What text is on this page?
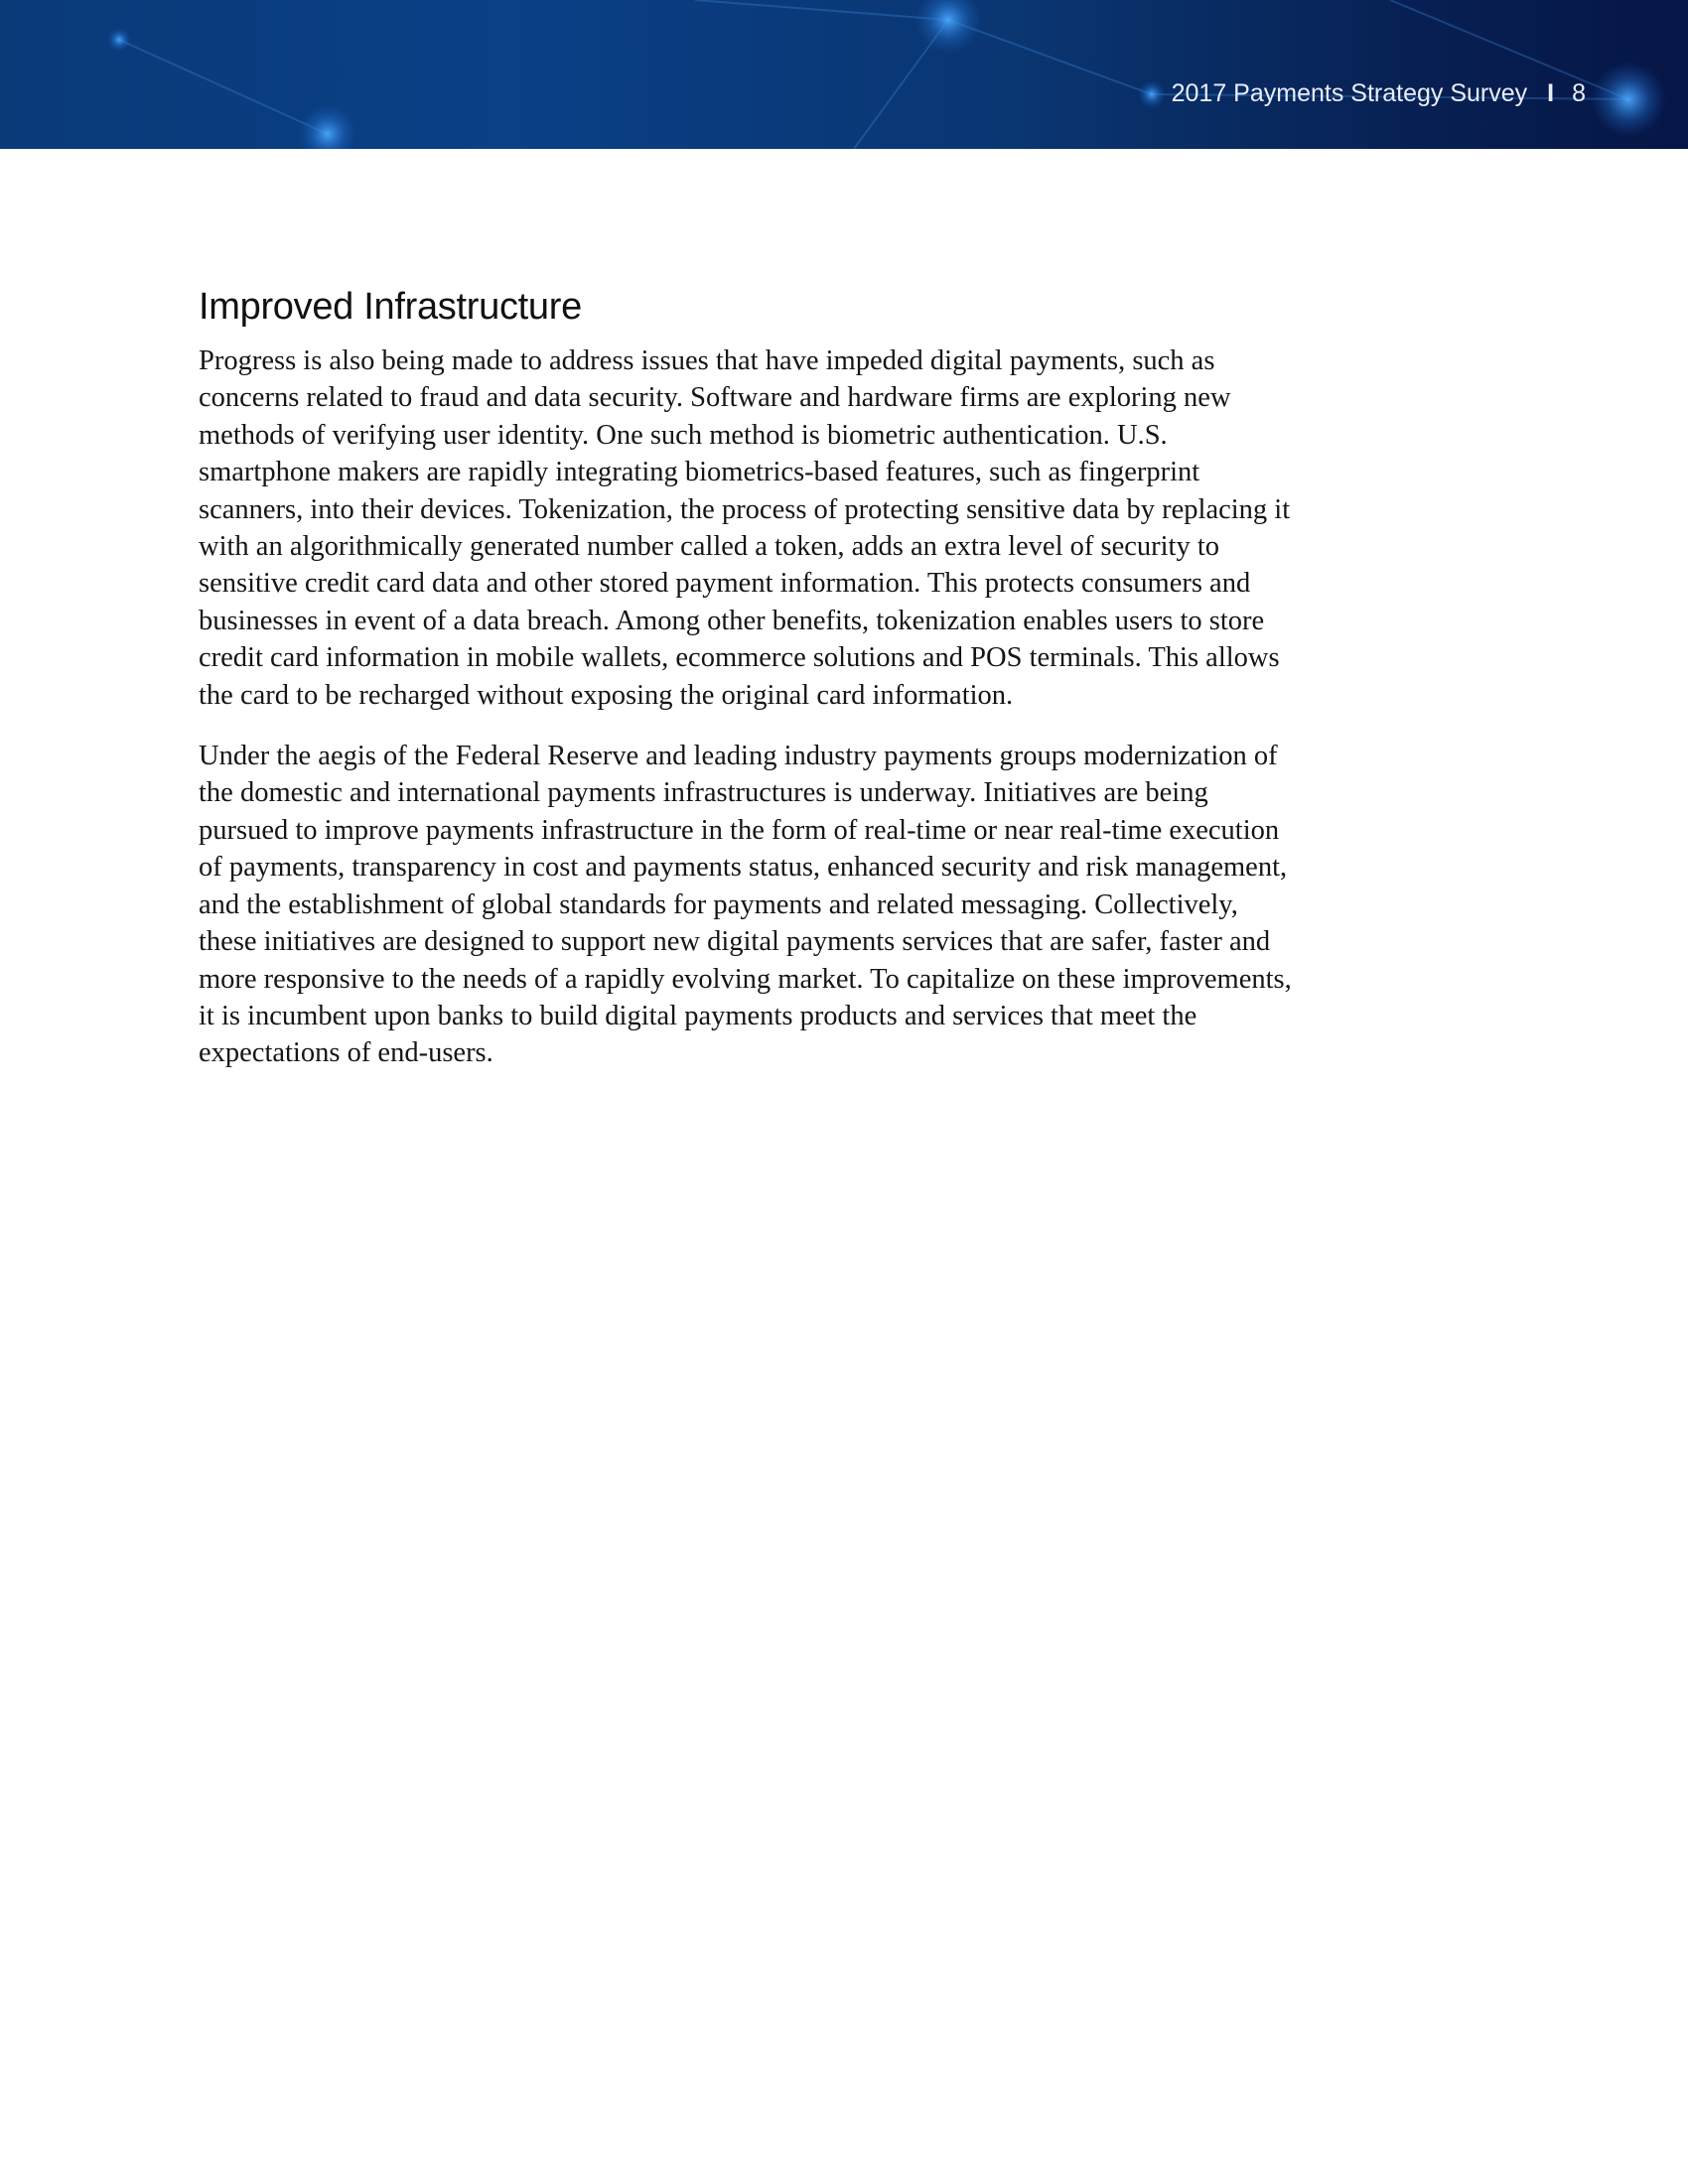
2017 Payments Strategy Survey I 8
Improved Infrastructure

Progress is also being made to address issues that have impeded digital payments, such as concerns related to fraud and data security. Software and hardware firms are exploring new methods of verifying user identity. One such method is biometric authentication. U.S. smartphone makers are rapidly integrating biometrics-based features, such as fingerprint scanners, into their devices. Tokenization, the process of protecting sensitive data by replacing it with an algorithmically generated number called a token, adds an extra level of security to sensitive credit card data and other stored payment information. This protects consumers and businesses in event of a data breach. Among other benefits, tokenization enables users to store credit card information in mobile wallets, ecommerce solutions and POS terminals. This allows the card to be recharged without exposing the original card information.

Under the aegis of the Federal Reserve and leading industry payments groups modernization of the domestic and international payments infrastructures is underway. Initiatives are being pursued to improve payments infrastructure in the form of real-time or near real-time execution of payments, transparency in cost and payments status, enhanced security and risk management, and the establishment of global standards for payments and related messaging. Collectively, these initiatives are designed to support new digital payments services that are safer, faster and more responsive to the needs of a rapidly evolving market. To capitalize on these improvements, it is incumbent upon banks to build digital payments products and services that meet the expectations of end-users.
